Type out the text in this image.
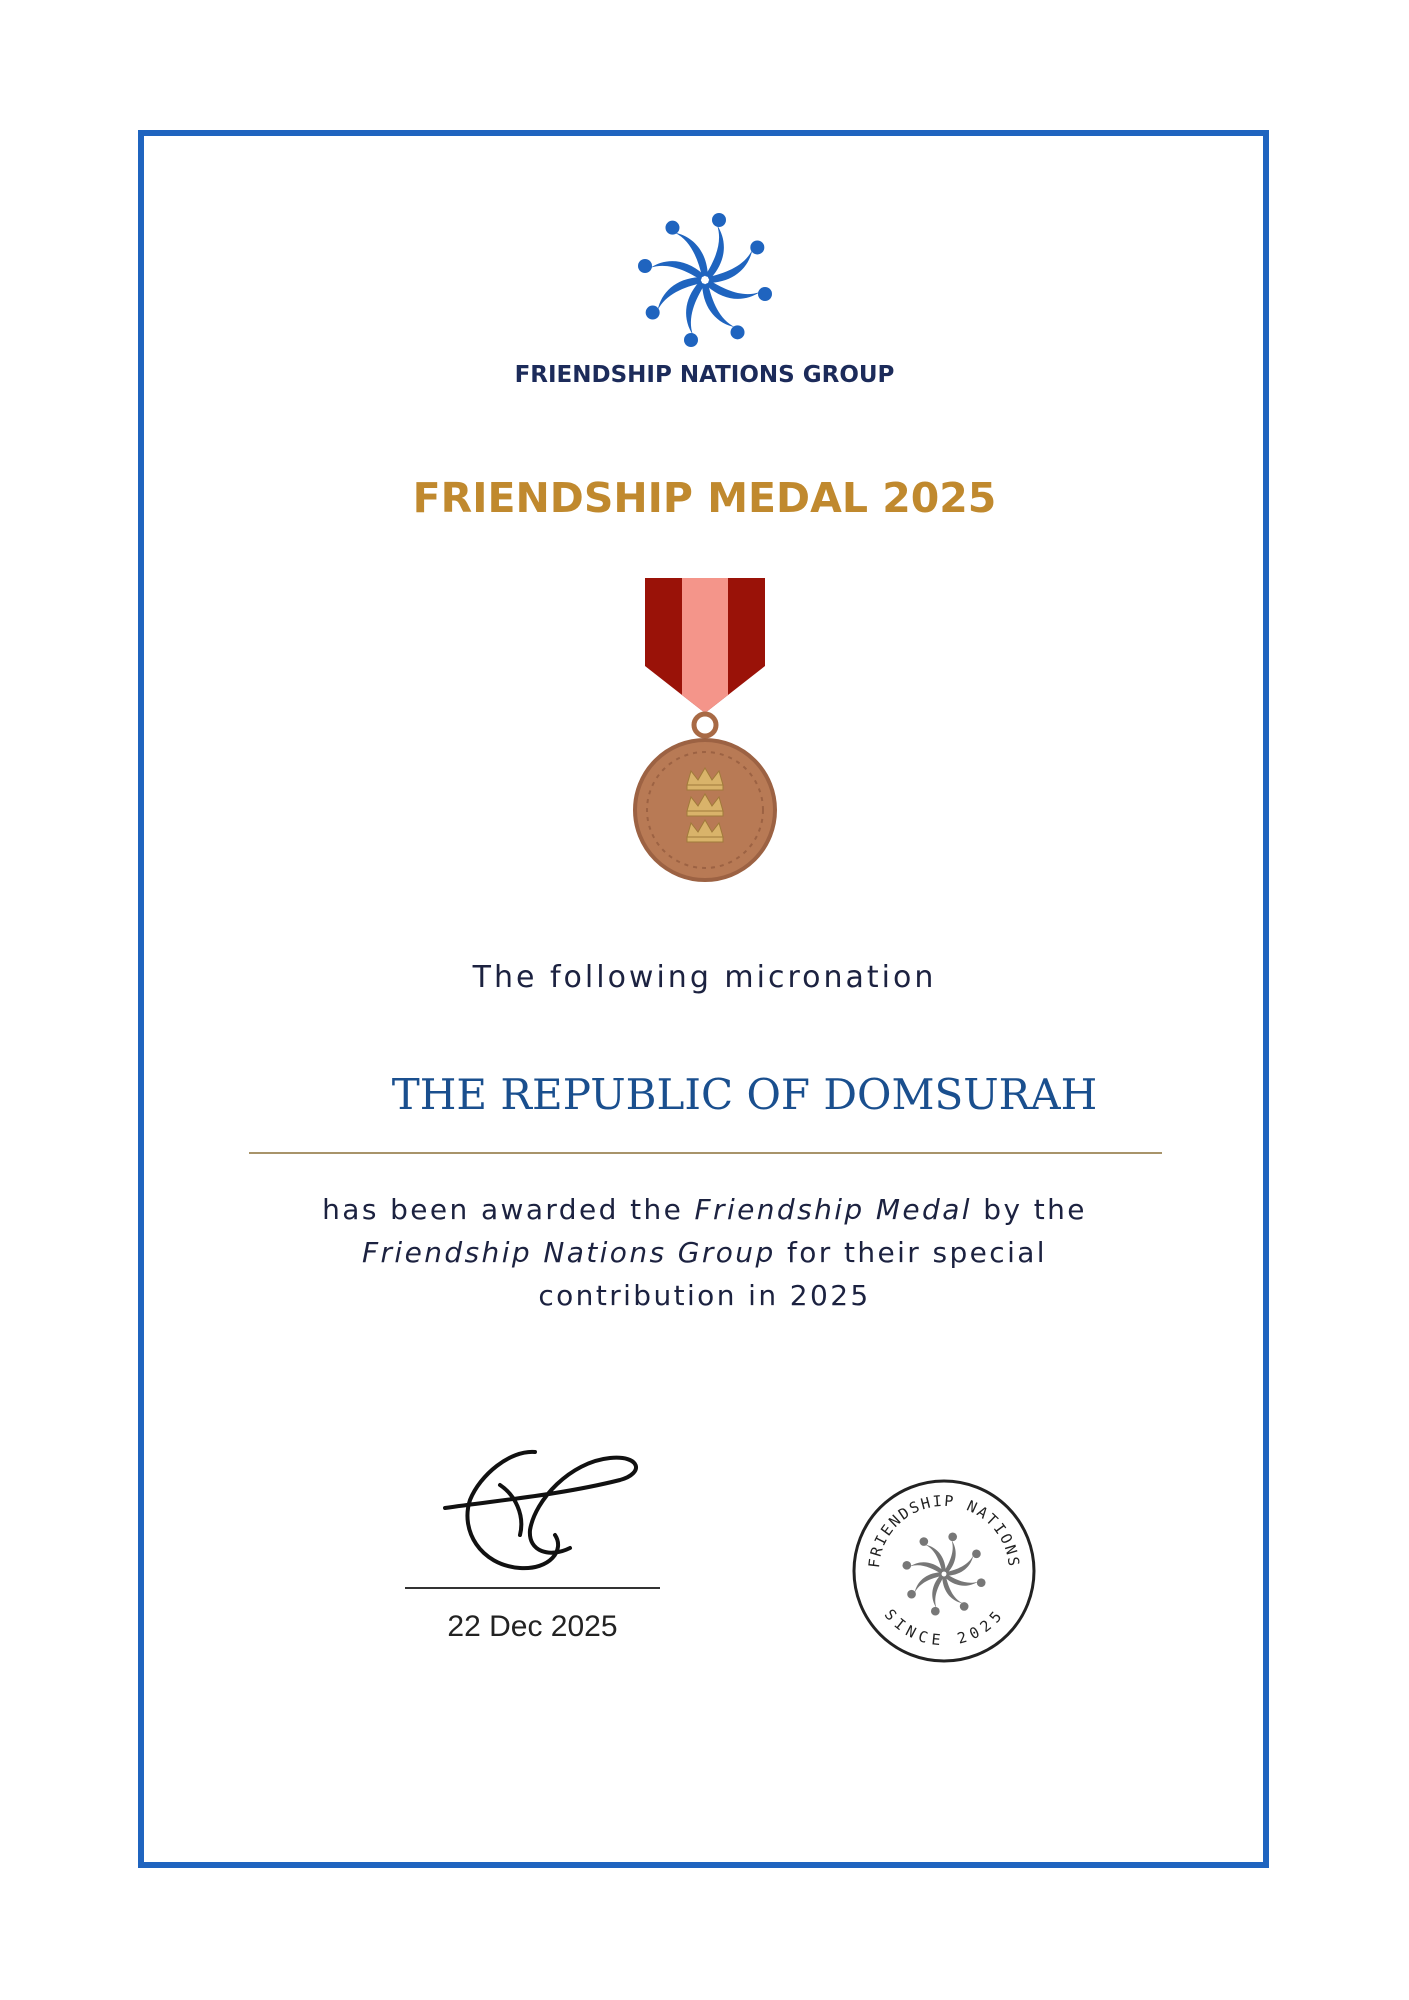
FRIENDSHIP NATIONS GROUP
FRIENDSHIP MEDAL 2025
The following micronation
THE REPUBLIC OF DOMSURAH
has been awarded the Friendship Medal by the
Friendship Nations Group for their special
contribution in 2025
22 Dec 2025
FRIENDSHIP NATIONS
SINCE 2025
